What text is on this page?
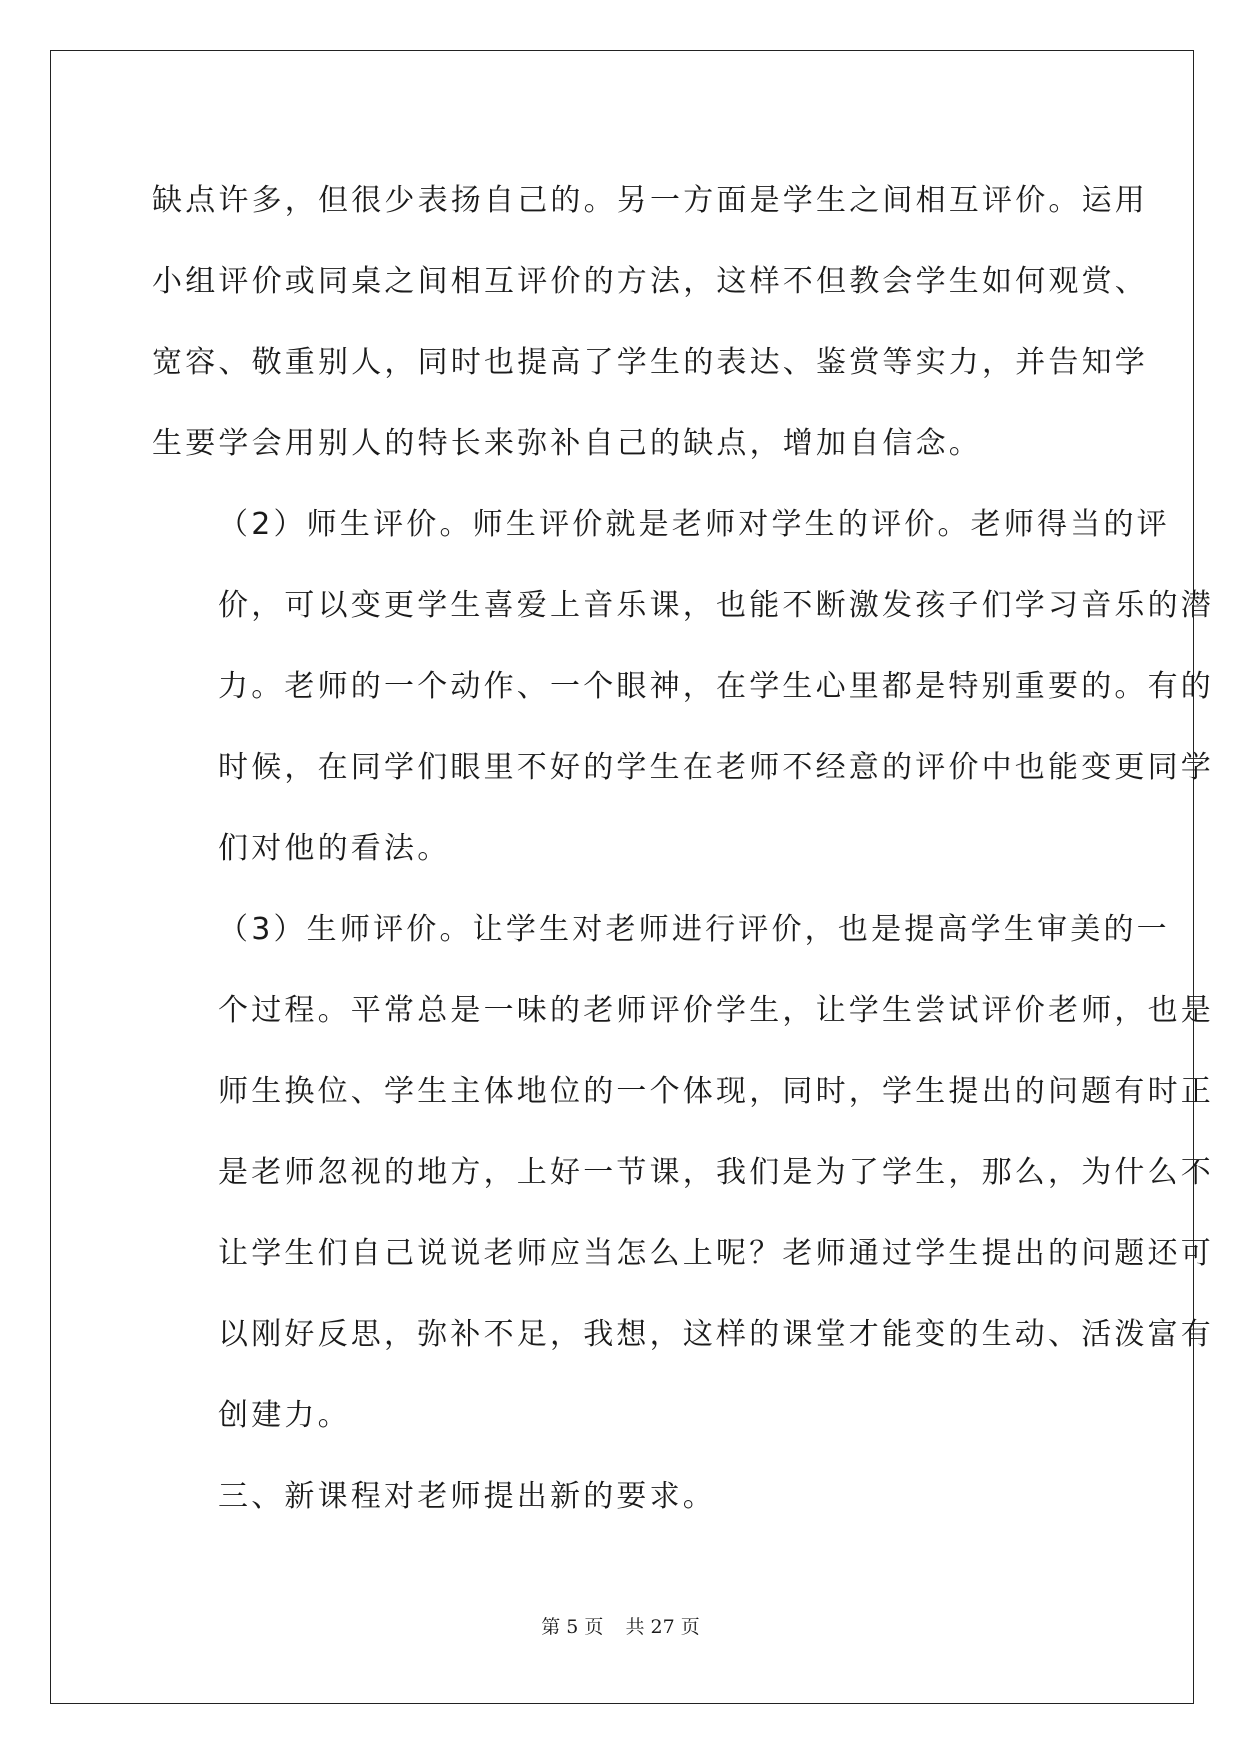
缺点许多，但很少表扬自己的。另一方面是学生之间相互评价。运用
小组评价或同桌之间相互评价的方法，这样不但教会学生如何观赏、
宽容、敬重别人，同时也提高了学生的表达、鉴赏等实力，并告知学
生要学会用别人的特长来弥补自己的缺点，增加自信念。

（2）师生评价。师生评价就是老师对学生的评价。老师得当的评
价，可以变更学生喜爱上音乐课，也能不断激发孩子们学习音乐的潜
力。老师的一个动作、一个眼神，在学生心里都是特别重要的。有的
时候，在同学们眼里不好的学生在老师不经意的评价中也能变更同学
们对他的看法。

（3）生师评价。让学生对老师进行评价，也是提高学生审美的一
个过程。平常总是一味的老师评价学生，让学生尝试评价老师，也是
师生换位、学生主体地位的一个体现，同时，学生提出的问题有时正
是老师忽视的地方，上好一节课，我们是为了学生，那么，为什么不
让学生们自己说说老师应当怎么上呢？老师通过学生提出的问题还可
以刚好反思，弥补不足，我想，这样的课堂才能变的生动、活泼富有
创建力。

三、新课程对老师提出新的要求。

第 5 页 共 27 页
